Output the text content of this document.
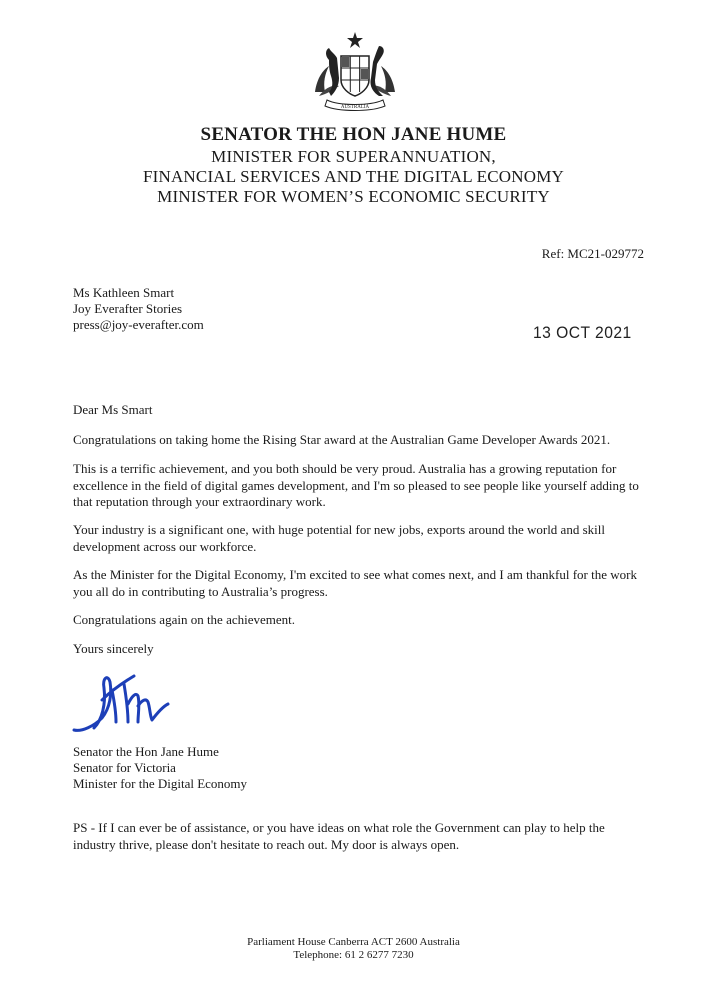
AUSTRALIA
SENATOR THE HON JANE HUME
MINISTER FOR SUPERANNUATION,
FINANCIAL SERVICES AND THE DIGITAL ECONOMY
MINISTER FOR WOMEN’S ECONOMIC SECURITY
Ref: MC21-029772
Ms Kathleen Smart
Joy Everafter Stories
press@joy-everafter.com	13 OCT 2021

Dear Ms Smart

Congratulations on taking home the Rising Star award at the Australian Game Developer Awards 2021.

This is a terrific achievement, and you both should be very proud. Australia has a growing reputation for excellence in the field of digital games development, and I'm so pleased to see people like yourself adding to that reputation through your extraordinary work.

Your industry is a significant one, with huge potential for new jobs, exports around the world and skill development across our workforce.

As the Minister for the Digital Economy, I'm excited to see what comes next, and I am thankful for the work you all do in contributing to Australia’s progress.

Congratulations again on the achievement.

Yours sincerely

Senator the Hon Jane Hume
Senator for Victoria
Minister for the Digital Economy

PS - If I can ever be of assistance, or you have ideas on what role the Government can play to help the industry thrive, please don't hesitate to reach out. My door is always open.

Parliament House Canberra ACT 2600 Australia
Telephone: 61 2 6277 7230
